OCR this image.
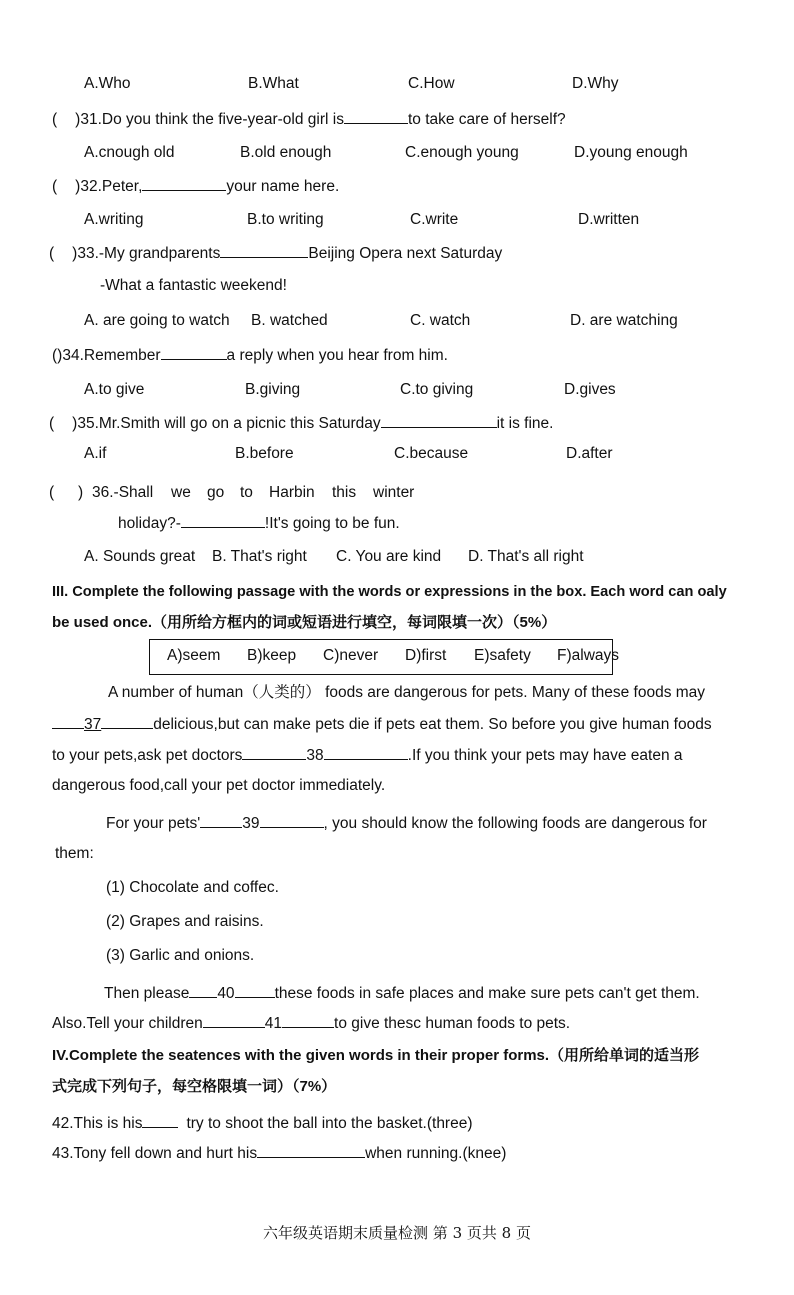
A.Who	B.What	C.How	D.Why
( )31.Do you think the five-year-old girl is	to take care of herself?
A.cnough old	B.old enough	C.enough young	D.young enough
( )32.Peter,	your name here.
A.writing	B.to writing	C.write	D.written
( )33.-My grandparents	Beijing Opera next Saturday
-What a fantastic weekend!
A. are going to watch B. watched	C. watch	D. are watching
()34.Remember	a reply when you hear from him.
A.to give	B.giving	C.to giving	D.gives
( )35.Mr.Smith will go on a picnic this Saturday	it is fine.
A.if	B.before	C.because	D.after
( ) 36.-Shall we go to Harbin this winter
holiday?-	!It's going to be fun.
A. Sounds great B. That's right C. You are kind D. That's all right
III. Complete the following passage with the words or expressions in the box. Each word can oaly
be used once.（用所给方框内的词或短语进行填空，每词限填一次）（5%）
A)seem B)keep C)never D)first E)safety F)always
A number of human（人类的） foods are dangerous for pets. Many of these foods may
37	delicious,but can make pets die if pets eat them. So before you give human foods
to your pets,ask pet doctors	38	.If you think your pets may have eaten a
dangerous food,call your pet doctor immediately.
For your pets'	39	, you should know the following foods are dangerous for
them:
(1) Chocolate and coffec.
(2) Grapes and raisins.
(3) Garlic and onions.
Then please 40	these foods in safe places and make sure pets can't get them.
Also.Tell your children	41	to give thesc human foods to pets.
IV.Complete the seatences with the given words in their proper forms.（用所给单词的适当形
式完成下列句子，每空格限填一词）（7%）
42.This is his	try to shoot the ball into the basket.(three)
43.Tony fell down and hurt his	when running.(knee)
六年级英语期末质量检测 第 3 页共 8 页
